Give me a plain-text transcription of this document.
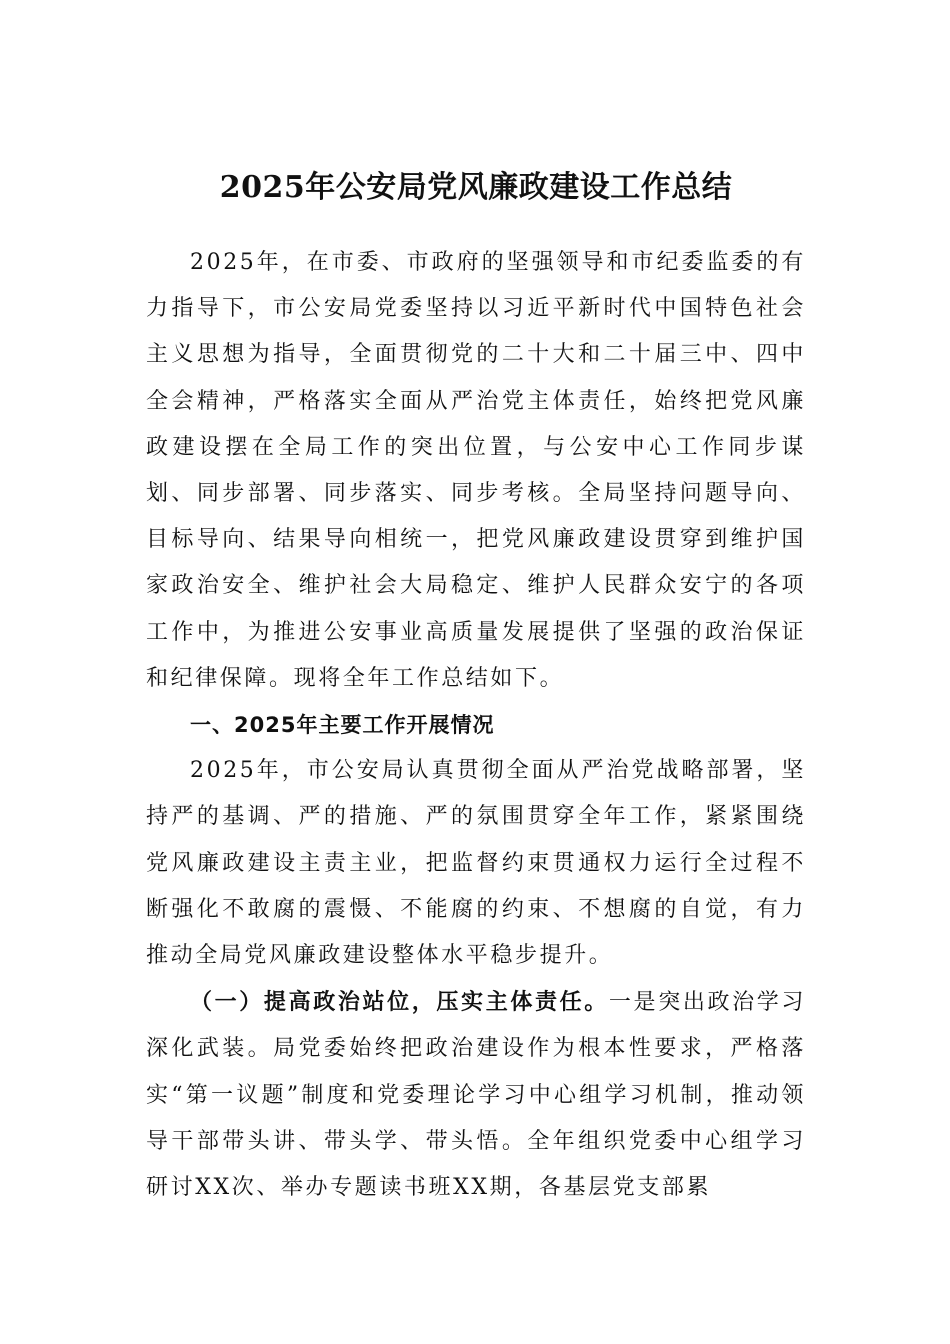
2025年公安局党风廉政建设工作总结

2025年，在市委、市政府的坚强领导和市纪委监委的有力指导下，市公安局党委坚持以习近平新时代中国特色社会主义思想为指导，全面贯彻党的二十大和二十届三中、四中全会精神，严格落实全面从严治党主体责任，始终把党风廉政建设摆在全局工作的突出位置，与公安中心工作同步谋划、同步部署、同步落实、同步考核。全局坚持问题导向、目标导向、结果导向相统一，把党风廉政建设贯穿到维护国家政治安全、维护社会大局稳定、维护人民群众安宁的各项工作中，为推进公安事业高质量发展提供了坚强的政治保证和纪律保障。现将全年工作总结如下。

一、2025年主要工作开展情况

2025年，市公安局认真贯彻全面从严治党战略部署，坚持严的基调、严的措施、严的氛围贯穿全年工作，紧紧围绕党风廉政建设主责主业，把监督约束贯通权力运行全过程不断强化不敢腐的震慑、不能腐的约束、不想腐的自觉，有力推动全局党风廉政建设整体水平稳步提升。

（一）提高政治站位，压实主体责任。一是突出政治学习深化武装。局党委始终把政治建设作为根本性要求，严格落实“第一议题”制度和党委理论学习中心组学习机制，推动领导干部带头讲、带头学、带头悟。全年组织党委中心组学习研讨XX次、举办专题读书班XX期，各基层党支部累
